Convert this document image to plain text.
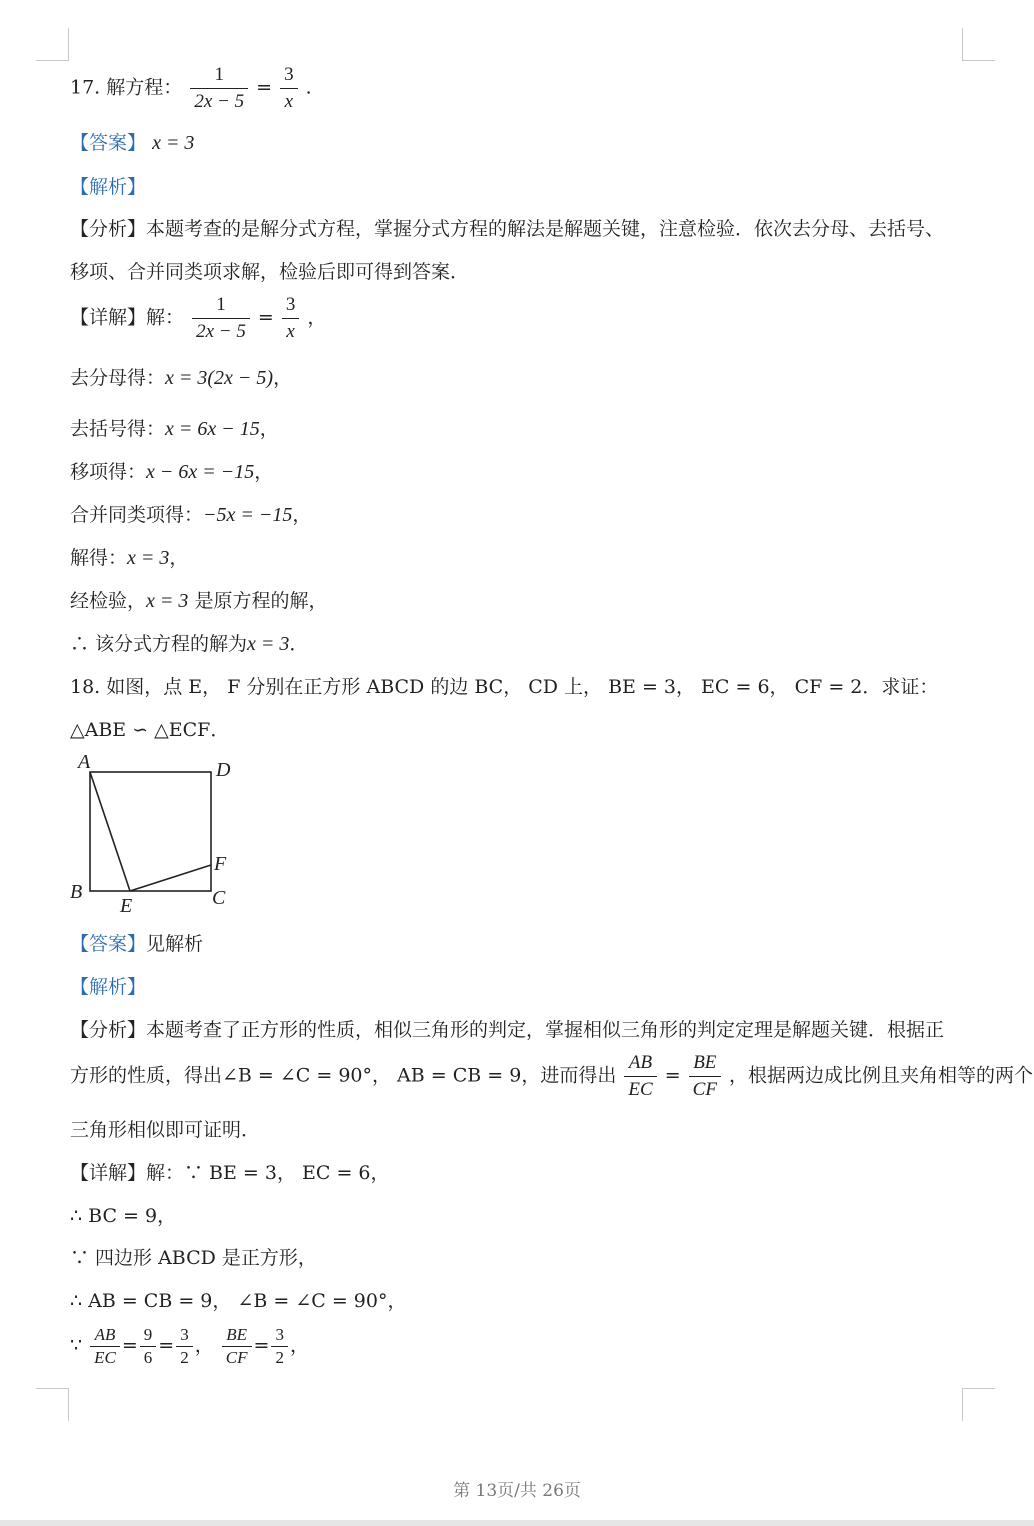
17. 解方程： $\frac{1}{2x - 5} = \frac{3}{x}$ .
【答案】 x = 3
【解析】
【分析】本题考查的是解分式方程，掌握分式方程的解法是解题关键，注意检验．依次去分母、去括号、
移项、合并同类项求解，检验后即可得到答案．
【详解】解： $\frac{1}{2x - 5} = \frac{3}{x}$ ，
去分母得：x = 3(2x − 5)，
去括号得：x = 6x − 15，
移项得：x − 6x = −15，
合并同类项得：−5x = −15，
解得：x = 3，
经检验，x = 3 是原方程的解，
∴ 该分式方程的解为x = 3．
18. 如图，点 E， F 分别在正方形 ABCD 的边 BC， CD 上， BE = 3， EC = 6， CF = 2．求证：
△ABE ∽ △ECF．
A	D
F
B	C
E
【答案】见解析
【解析】
【分析】本题考查了正方形的性质，相似三角形的判定，掌握相似三角形的判定定理是解题关键．根据正
方形的性质，得出∠B = ∠C = 90°， AB = CB = 9，进而得出 $\frac{AB}{EC} = \frac{BE}{CF}$ ，根据两边成比例且夹角相等的两个
三角形相似即可证明．
【详解】解：∵ BE = 3， EC = 6，
∴ BC = 9，
∵ 四边形 ABCD 是正方形，
∴ AB = CB = 9， ∠B = ∠C = 90°，
∵ $\frac{AB}{EC} = \frac{9}{6} = \frac{3}{2}$ ， $\frac{BE}{CF} = \frac{3}{2}$ ，
第 13页/共 26页
